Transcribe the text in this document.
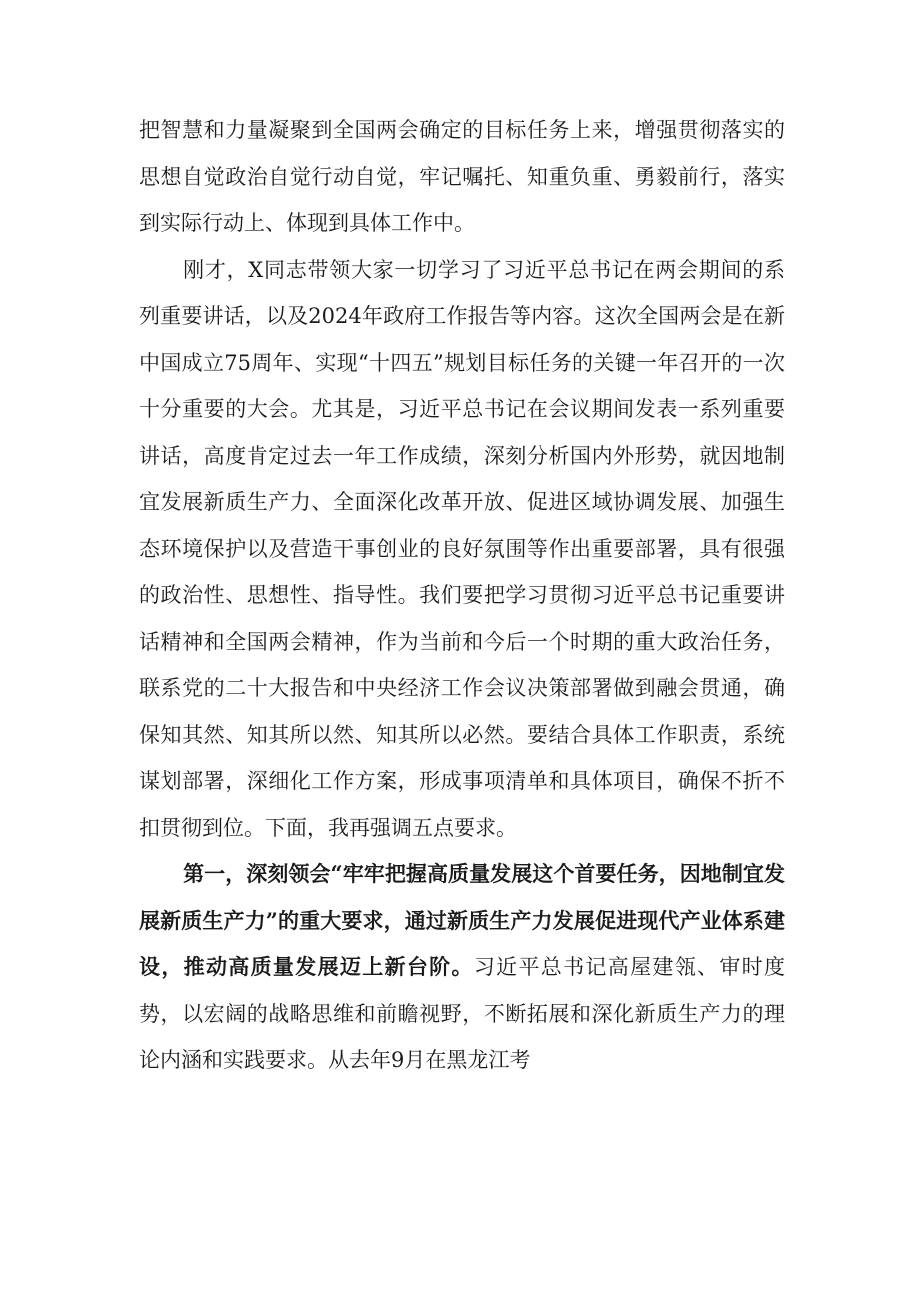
把智慧和力量凝聚到全国两会确定的目标任务上来，增强贯彻落实的思想自觉政治自觉行动自觉，牢记嘱托、知重负重、勇毅前行，落实到实际行动上、体现到具体工作中。

刚才，X同志带领大家一切学习了习近平总书记在两会期间的系列重要讲话，以及2024年政府工作报告等内容。这次全国两会是在新中国成立75周年、实现“十四五”规划目标任务的关键一年召开的一次十分重要的大会。尤其是，习近平总书记在会议期间发表一系列重要讲话，高度肯定过去一年工作成绩，深刻分析国内外形势，就因地制宜发展新质生产力、全面深化改革开放、促进区域协调发展、加强生态环境保护以及营造干事创业的良好氛围等作出重要部署，具有很强的政治性、思想性、指导性。我们要把学习贯彻习近平总书记重要讲话精神和全国两会精神，作为当前和今后一个时期的重大政治任务，联系党的二十大报告和中央经济工作会议决策部署做到融会贯通，确保知其然、知其所以然、知其所以必然。要结合具体工作职责，系统谋划部署，深细化工作方案，形成事项清单和具体项目，确保不折不扣贯彻到位。下面，我再强调五点要求。

第一，深刻领会“牢牢把握高质量发展这个首要任务，因地制宜发展新质生产力”的重大要求，通过新质生产力发展促进现代产业体系建设，推动高质量发展迈上新台阶。习近平总书记高屋建瓴、审时度势，以宏阔的战略思维和前瞻视野，不断拓展和深化新质生产力的理论内涵和实践要求。从去年9月在黑龙江考
